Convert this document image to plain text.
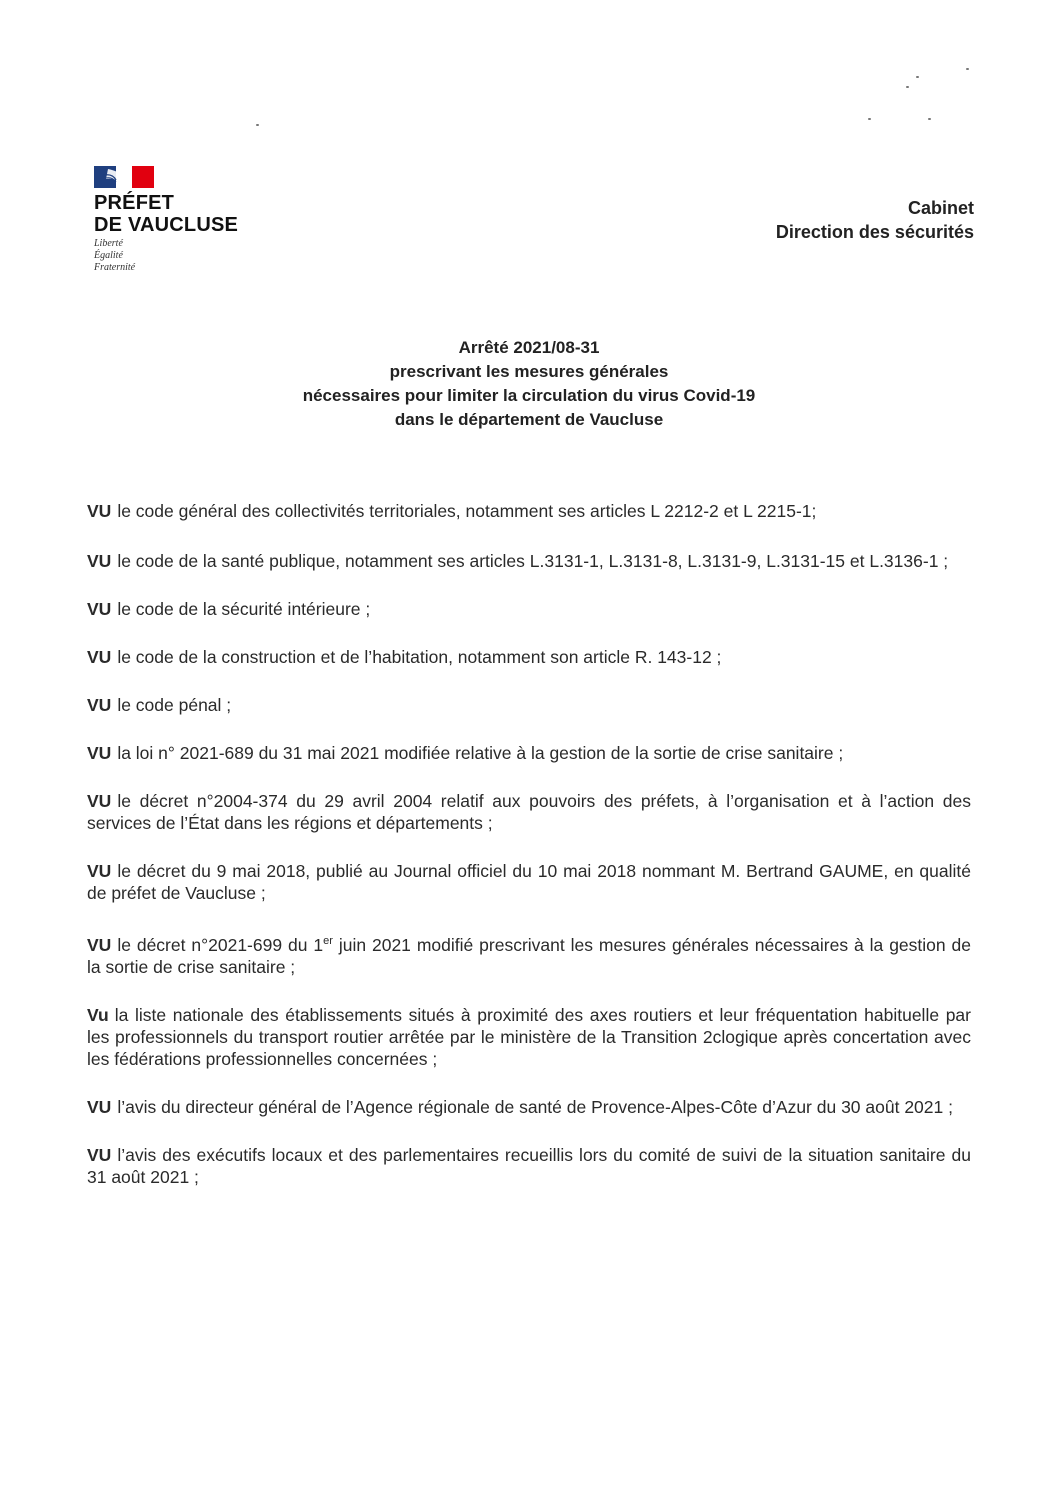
PRÉFET
DE VAUCLUSE
Liberté
Égalité
Fraternité
Cabinet
Direction des sécurités
Arrêté 2021/08-31
prescrivant les mesures générales
nécessaires pour limiter la circulation du virus Covid-19
dans le département de Vaucluse

VU le code général des collectivités territoriales, notamment ses articles L 2212-2 et L 2215-1;

VU le code de la santé publique, notamment ses articles L.3131-1, L.3131-8, L.3131-9, L.3131-15 et L.3136-1 ;

VU le code de la sécurité intérieure ;

VU le code de la construction et de l’habitation, notamment son article R. 143-12 ;

VU le code pénal ;

VU la loi n° 2021-689 du 31 mai 2021 modifiée relative à la gestion de la sortie de crise sanitaire ;

VU le décret n°2004-374 du 29 avril 2004 relatif aux pouvoirs des préfets, à l’organisation et à l’action des services de l’État dans les régions et départements ;

VU le décret du 9 mai 2018, publié au Journal officiel du 10 mai 2018 nommant M. Bertrand GAUME, en qualité de préfet de Vaucluse ;

VU le décret n°2021-699 du 1er juin 2021 modifié prescrivant les mesures générales nécessaires à la gestion de la sortie de crise sanitaire ;

Vu la liste nationale des établissements situés à proximité des axes routiers et leur fréquentation habituelle par les professionnels du transport routier arrêtée par le ministère de la Transition 2clogique après concertation avec les fédérations professionnelles concernées ;

VU l’avis du directeur général de l’Agence régionale de santé de Provence-Alpes-Côte d’Azur du 30 août 2021 ;

VU l’avis des exécutifs locaux et des parlementaires recueillis lors du comité de suivi de la situation sanitaire du 31 août 2021 ;
